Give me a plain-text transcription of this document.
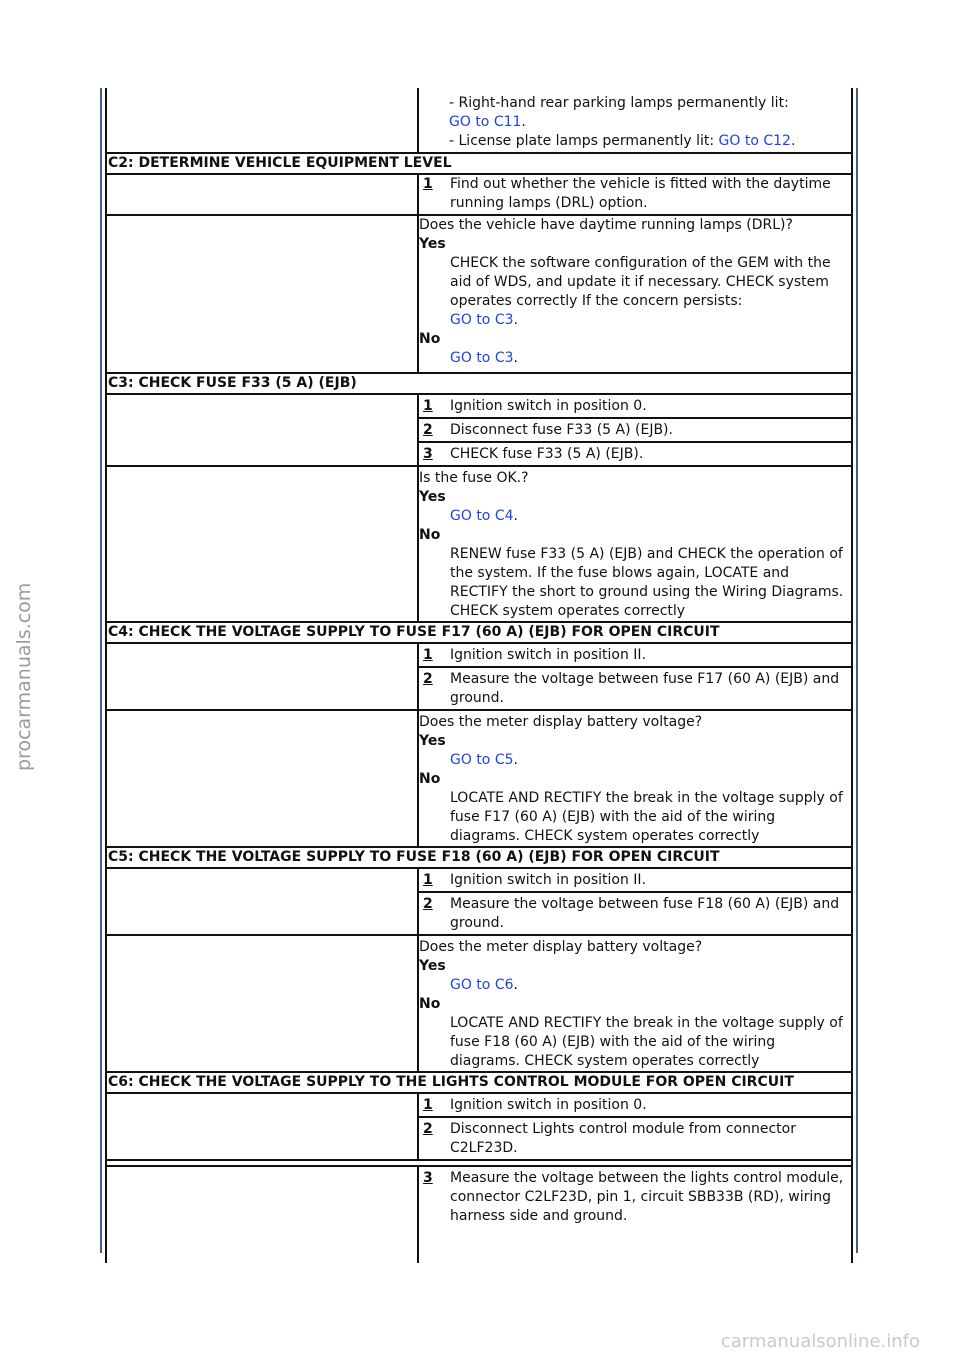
procarmanuals.com
- Right-hand rear parking lamps permanently lit:
GO to C11.
- License plate lamps permanently lit: GO to C12.
C2: DETERMINE VEHICLE EQUIPMENT LEVEL
1 Find out whether the vehicle is fitted with the daytime running lamps (DRL) option.
Does the vehicle have daytime running lamps (DRL)?
Yes
CHECK the software configuration of the GEM with the aid of WDS, and update it if necessary. CHECK system operates correctly If the concern persists:
GO to C3.
No
GO to C3.
C3: CHECK FUSE F33 (5 A) (EJB)
1 Ignition switch in position 0.
2 Disconnect fuse F33 (5 A) (EJB).
3 CHECK fuse F33 (5 A) (EJB).
Is the fuse OK.?
Yes
GO to C4.
No
RENEW fuse F33 (5 A) (EJB) and CHECK the operation of the system. If the fuse blows again, LOCATE and RECTIFY the short to ground using the Wiring Diagrams. CHECK system operates correctly
C4: CHECK THE VOLTAGE SUPPLY TO FUSE F17 (60 A) (EJB) FOR OPEN CIRCUIT
1 Ignition switch in position II.
2 Measure the voltage between fuse F17 (60 A) (EJB) and ground.
Does the meter display battery voltage?
Yes
GO to C5.
No
LOCATE AND RECTIFY the break in the voltage supply of fuse F17 (60 A) (EJB) with the aid of the wiring diagrams. CHECK system operates correctly
C5: CHECK THE VOLTAGE SUPPLY TO FUSE F18 (60 A) (EJB) FOR OPEN CIRCUIT
1 Ignition switch in position II.
2 Measure the voltage between fuse F18 (60 A) (EJB) and ground.
Does the meter display battery voltage?
Yes
GO to C6.
No
LOCATE AND RECTIFY the break in the voltage supply of fuse F18 (60 A) (EJB) with the aid of the wiring diagrams. CHECK system operates correctly
C6: CHECK THE VOLTAGE SUPPLY TO THE LIGHTS CONTROL MODULE FOR OPEN CIRCUIT
1 Ignition switch in position 0.
2 Disconnect Lights control module from connector C2LF23D.
3 Measure the voltage between the lights control module, connector C2LF23D, pin 1, circuit SBB33B (RD), wiring harness side and ground.
carmanualsonline.info
